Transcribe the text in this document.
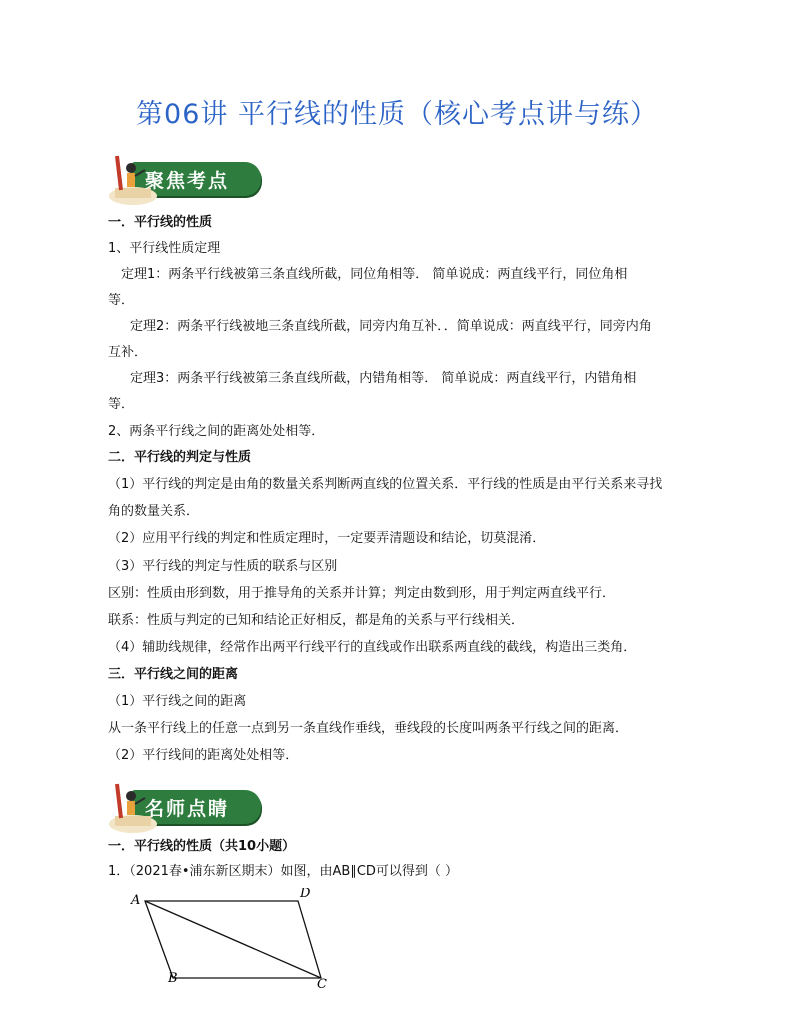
第06讲 平行线的性质（核心考点讲与练）
聚焦考点
一．平行线的性质
1、平行线性质定理
定理1：两条平行线被第三条直线所截，同位角相等． 简单说成：两直线平行，同位角相
等．
定理2：两条平行线被地三条直线所截，同旁内角互补．．简单说成：两直线平行，同旁内角
互补．
定理3：两条平行线被第三条直线所截，内错角相等． 简单说成：两直线平行，内错角相
等．
2、两条平行线之间的距离处处相等．
二．平行线的判定与性质
（1）平行线的判定是由角的数量关系判断两直线的位置关系．平行线的性质是由平行关系来寻找
角的数量关系．
（2）应用平行线的判定和性质定理时，一定要弄清题设和结论，切莫混淆．
（3）平行线的判定与性质的联系与区别
区别：性质由形到数，用于推导角的关系并计算；判定由数到形，用于判定两直线平行．
联系：性质与判定的已知和结论正好相反，都是角的关系与平行线相关．
（4）辅助线规律，经常作出两平行线平行的直线或作出联系两直线的截线，构造出三类角．
三．平行线之间的距离
（1）平行线之间的距离
从一条平行线上的任意一点到另一条直线作垂线，垂线段的长度叫两条平行线之间的距离．
（2）平行线间的距离处处相等．
名师点睛
一．平行线的性质（共10小题）
1．（2021春•浦东新区期末）如图，由AB∥CD可以得到（ ）
A	D
B	C
